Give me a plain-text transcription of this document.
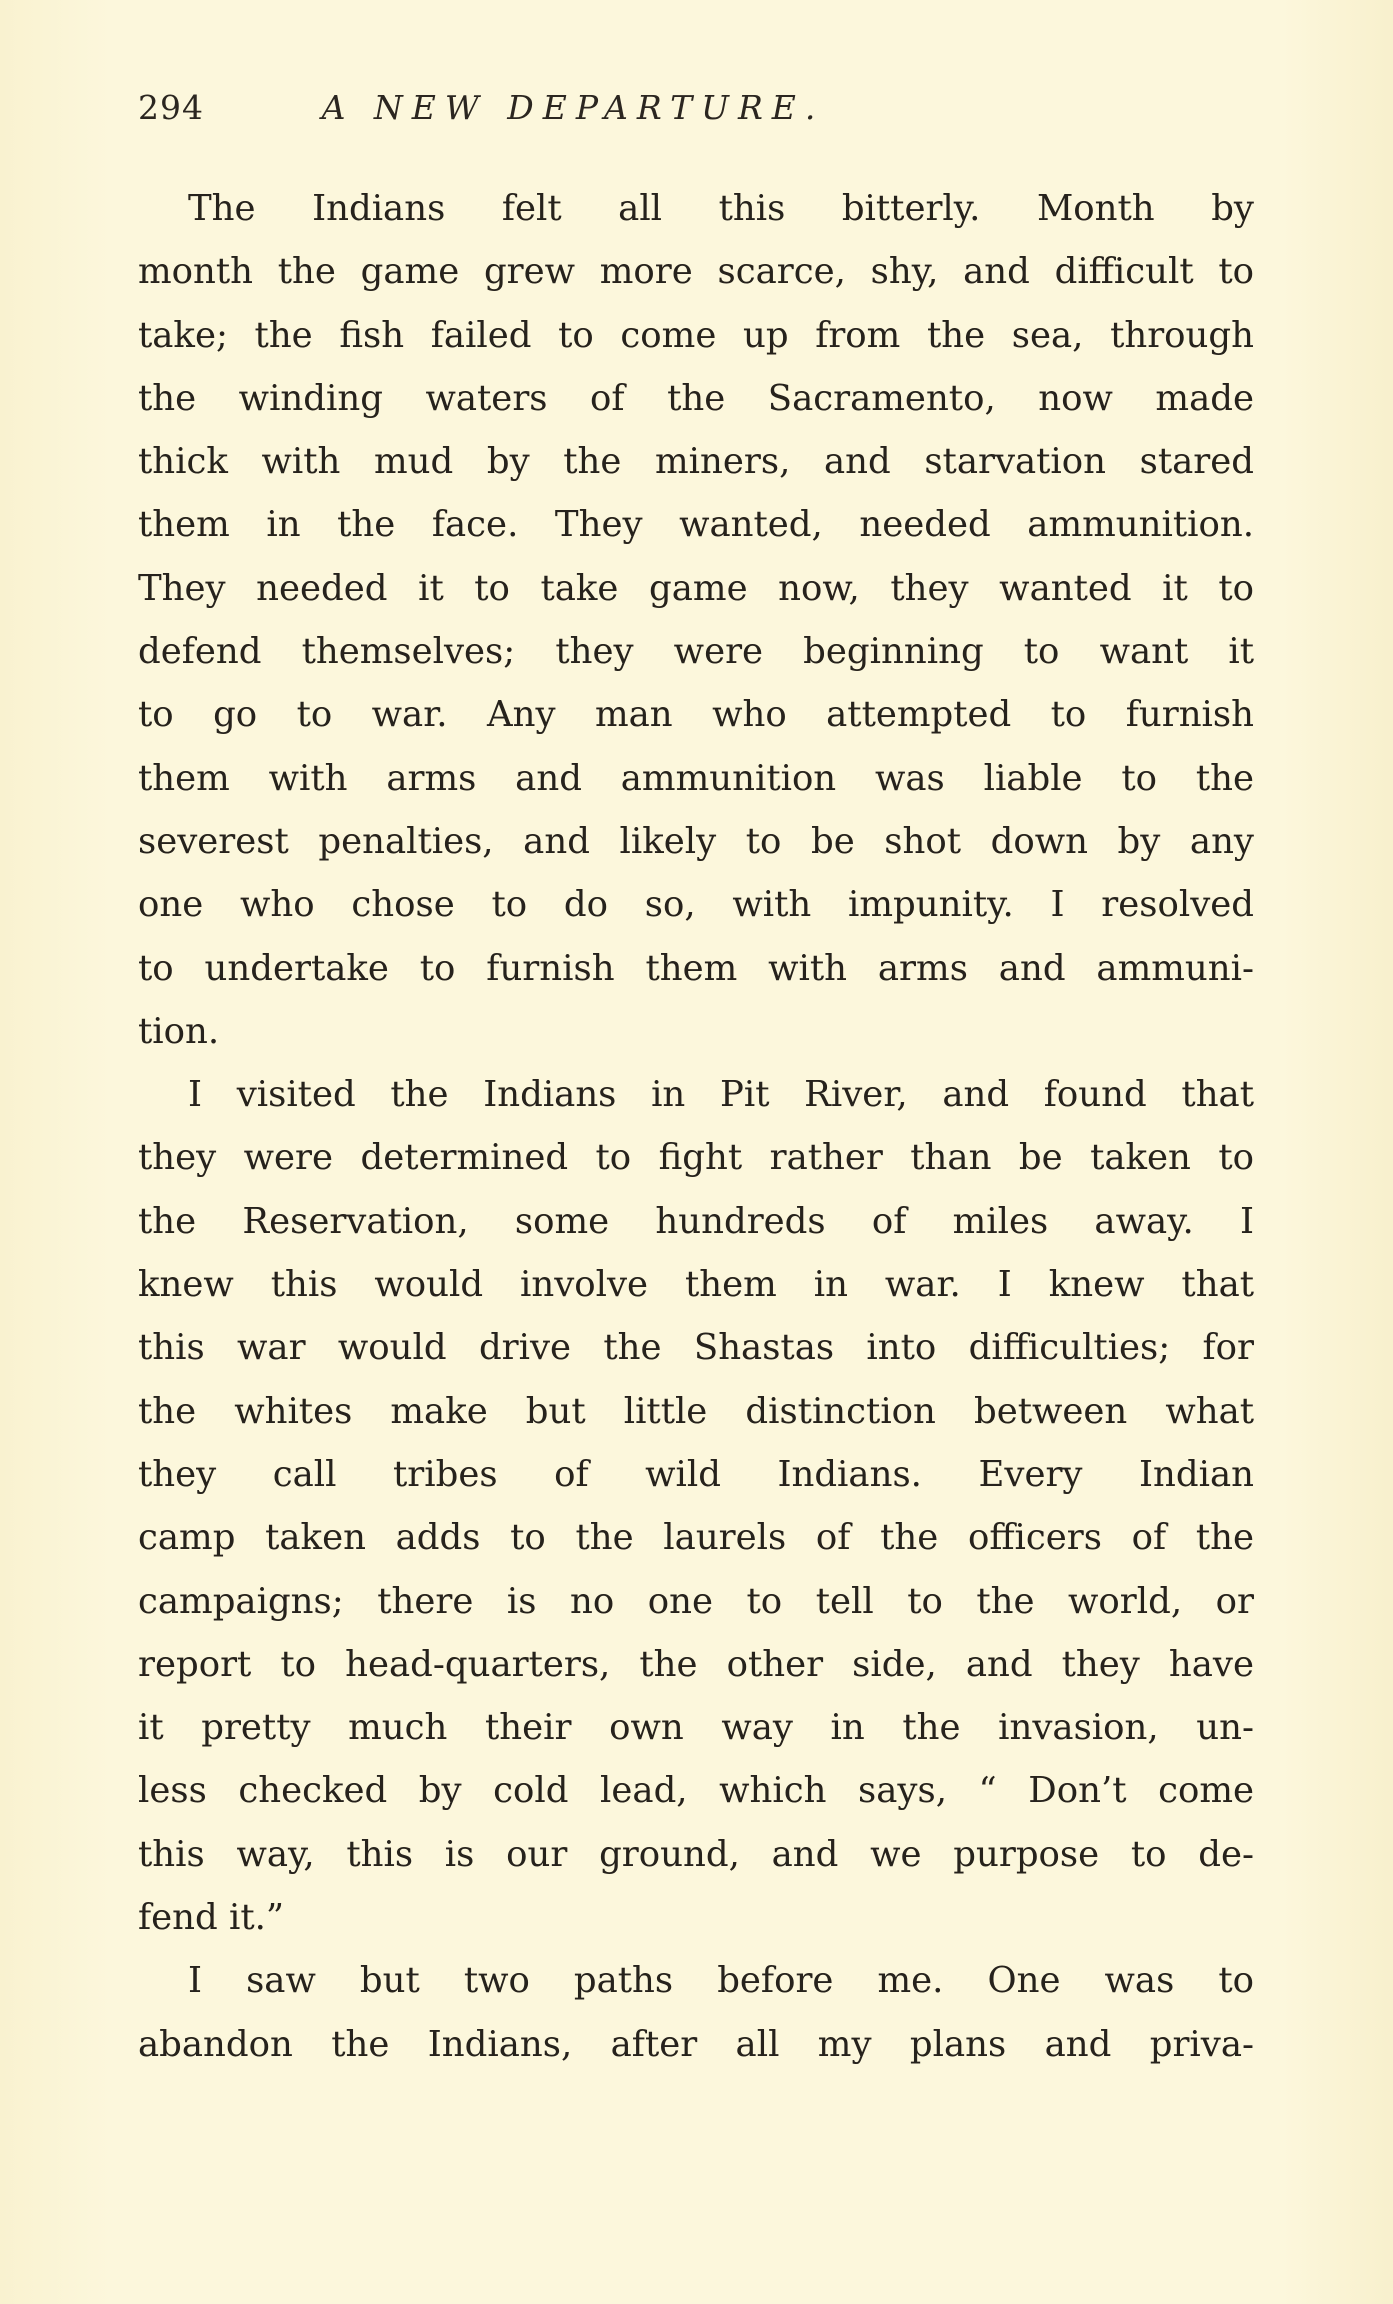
294	A NEW DEPARTURE.
The Indians felt all this bitterly. Month by
month the game grew more scarce, shy, and difficult to
take; the fish failed to come up from the sea, through
the winding waters of the Sacramento, now made
thick with mud by the miners, and starvation stared
them in the face. They wanted, needed ammunition.
They needed it to take game now, they wanted it to
defend themselves; they were beginning to want it
to go to war. Any man who attempted to furnish
them with arms and ammunition was liable to the
severest penalties, and likely to be shot down by any
one who chose to do so, with impunity. I resolved
to undertake to furnish them with arms and ammuni-
tion.
I visited the Indians in Pit River, and found that
they were determined to fight rather than be taken to
the Reservation, some hundreds of miles away. I
knew this would involve them in war. I knew that
this war would drive the Shastas into difficulties; for
the whites make but little distinction between what
they call tribes of wild Indians. Every Indian
camp taken adds to the laurels of the officers of the
campaigns; there is no one to tell to the world, or
report to head-quarters, the other side, and they have
it pretty much their own way in the invasion, un-
less checked by cold lead, which says, “ Don’t come
this way, this is our ground, and we purpose to de-
fend it.”
I saw but two paths before me. One was to
abandon the Indians, after all my plans and priva-
